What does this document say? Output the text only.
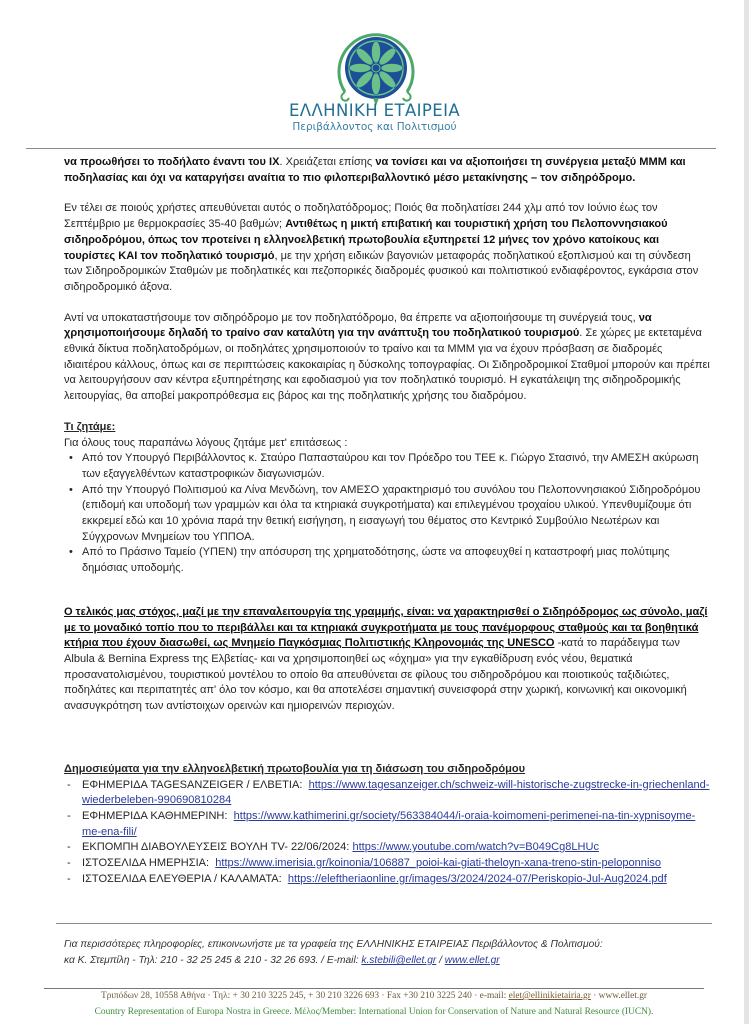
ΕΛΛΗΝΙΚΗ ΕΤΑΙΡΕΙΑ
Περιβάλλοντος και Πολιτισμού

να προωθήσει το ποδήλατο έναντι του ΙΧ. Χρειάζεται επίσης να τονίσει και να αξιοποιήσει τη συνέργεια μεταξύ ΜΜΜ και ποδηλασίας και όχι να καταργήσει αναίτια το πιο φιλοπεριβαλλοντικό μέσο μετακίνησης – τον σιδηρόδρομο.

Εν τέλει σε ποιούς χρήστες απευθύνεται αυτός ο ποδηλατόδρομος; Ποιός θα ποδηλατίσει 244 χλμ από τον Ιούνιο έως τον Σεπτέμβριο με θερμοκρασίες 35-40 βαθμών; Αντιθέτως η μικτή επιβατική και τουριστική χρήση του Πελοποννησιακού σιδηροδρόμου, όπως τον προτείνει η ελληνοελβετική πρωτοβουλία εξυπηρετεί 12 μήνες τον χρόνο κατοίκους και τουρίστες ΚΑΙ τον ποδηλατικό τουρισμό, με την χρήση ειδικών βαγονιών μεταφοράς ποδηλατικού εξοπλισμού και τη σύνδεση των Σιδηροδρομικών Σταθμών με ποδηλατικές και πεζοπορικές διαδρομές φυσικού και πολιτιστικού ενδιαφέροντος, εγκάρσια στον σιδηροδρομικό άξονα.

Αντί να υποκαταστήσουμε τον σιδηρόδρομο με τον ποδηλατόδρομο, θα έπρεπε να αξιοποιήσουμε τη συνέργειά τους, να χρησιμοποιήσουμε δηλαδή το τραίνο σαν καταλύτη για την ανάπτυξη του ποδηλατικού τουρισμού. Σε χώρες με εκτεταμένα εθνικά δίκτυα ποδηλατοδρόμων, οι ποδηλάτες χρησιμοποιούν το τραίνο και τα ΜΜΜ για να έχουν πρόσβαση σε διαδρομές ιδιαιτέρου κάλλους, όπως και σε περιπτώσεις κακοκαιρίας η δύσκολης τοπογραφίας. Οι Σιδηροδρομικοί Σταθμοί μπορούν και πρέπει να λειτουργήσουν σαν κέντρα εξυπηρέτησης και εφοδιασμού για τον ποδηλατικό τουρισμό. Η εγκατάλειψη της σιδηροδρομικής λειτουργίας, θα αποβεί μακροπρόθεσμα εις βάρος και της ποδηλατικής χρήσης του διαδρόμου.

Τι ζητάμε:
Για όλους τους παραπάνω λόγους ζητάμε μετ' επιτάσεως :
• Από τον Υπουργό Περιβάλλοντος κ. Σταύρο Παπασταύρου και τον Πρόεδρο του ΤΕΕ κ. Γιώργο Στασινό, την ΑΜΕΣΗ ακύρωση των εξαγγελθέντων καταστροφικών διαγωνισμών.
• Από την Υπουργό Πολιτισμού κα Λίνα Μενδώνη, τον ΑΜΕΣΟ χαρακτηρισμό του συνόλου του Πελοποννησιακού Σιδηροδρόμου (επιδομή και υποδομή των γραμμών και όλα τα κτηριακά συγκροτήματα) και επιλεγμένου τροχαίου υλικού. Υπενθυμίζουμε ότι εκκρεμεί εδώ και 10 χρόνια παρά την θετική εισήγηση, η εισαγωγή του θέματος στο Κεντρικό Συμβούλιο Νεωτέρων και Σύγχρονων Μνημείων του ΥΠΠΟΑ.
• Από το Πράσινο Ταμείο (ΥΠΕΝ) την απόσυρση της χρηματοδότησης, ώστε να αποφευχθεί η καταστροφή μιας πολύτιμης δημόσιας υποδομής.

Ο τελικός μας στόχος, μαζί με την επαναλειτουργία της γραμμής, είναι: να χαρακτηρισθεί ο Σιδηρόδρομος ως σύνολο, μαζί με το μοναδικό τοπίο που το περιβάλλει και τα κτηριακά συγκροτήματα με τους πανέμορφους σταθμούς και τα βοηθητικά κτήρια που έχουν διασωθεί, ως Μνημείο Παγκόσμιας Πολιτιστικής Κληρονομιάς της UNESCO -κατά το παράδειγμα των Albula & Bernina Express της Ελβετίας- και να χρησιμοποιηθεί ως «όχημα» για την εγκαθίδρυση ενός νέου, θεματικά προσανατολισμένου, τουριστικού μοντέλου το οποίο θα απευθύνεται σε φίλους του σιδηροδρόμου και ποιοτικούς ταξιδιώτες, ποδηλάτες και περιπατητές απ' όλο τον κόσμο, και θα αποτελέσει σημαντική συνεισφορά στην χωρική, κοινωνική και οικονομική ανασυγκρότηση των αντίστοιχων ορεινών και ημιορεινών περιοχών.

Δημοσιεύματα για την ελληνοελβετική πρωτοβουλία για τη διάσωση του σιδηροδρόμου
- ΕΦΗΜΕΡΙΔΑ TAGESANZEIGER / ΕΛΒΕΤΙΑ: https://www.tagesanzeiger.ch/schweiz-will-historische-zugstrecke-in-griechenland-wiederbeleben-990690810284
- ΕΦΗΜΕΡΙΔΑ ΚΑΘΗΜΕΡΙΝΗ: https://www.kathimerini.gr/society/563384044/i-oraia-koimomeni-perimenei-na-tin-xypnisoyme-me-ena-fili/
- ΕΚΠΟΜΠΗ ΔΙΑΒΟΥΛΕΥΣΕΙΣ ΒΟΥΛΗ TV- 22/06/2024: https://www.youtube.com/watch?v=B049Cg8LHUc
- ΙΣΤΟΣΕΛΙΔΑ ΗΜΕΡΗΣΙΑ: https://www.imerisia.gr/koinonia/106887_poioi-kai-giati-theloyn-xana-treno-stin-peloponniso
- ΙΣΤΟΣΕΛΙΔΑ ΕΛΕΥΘΕΡΙΑ / ΚΑΛΑΜΑΤΑ: https://eleftheriaonline.gr/images/3/2024/2024-07/Periskopio-Jul-Aug2024.pdf
Για περισσότερες πληροφορίες, επικοινωνήστε με τα γραφεία της ΕΛΛΗΝΙΚΗΣ ΕΤΑΙΡΕΙΑΣ Περιβάλλοντος & Πολιτισμού:
κα Κ. Στεμπίλη - Τηλ: 210 - 32 25 245 & 210 - 32 26 693. / E-mail: k.stebili@ellet.gr / www.ellet.gr
Τριπόδων 28, 10558 Αθήνα · Τηλ: + 30 210 3225 245, + 30 210 3226 693 · Fax +30 210 3225 240 · e-mail: elet@ellinikietairia.gr · www.ellet.gr
Country Representation of Europa Nostra in Greece. Μέλος/Member: International Union for Conservation of Nature and Natural Resource (IUCN).
